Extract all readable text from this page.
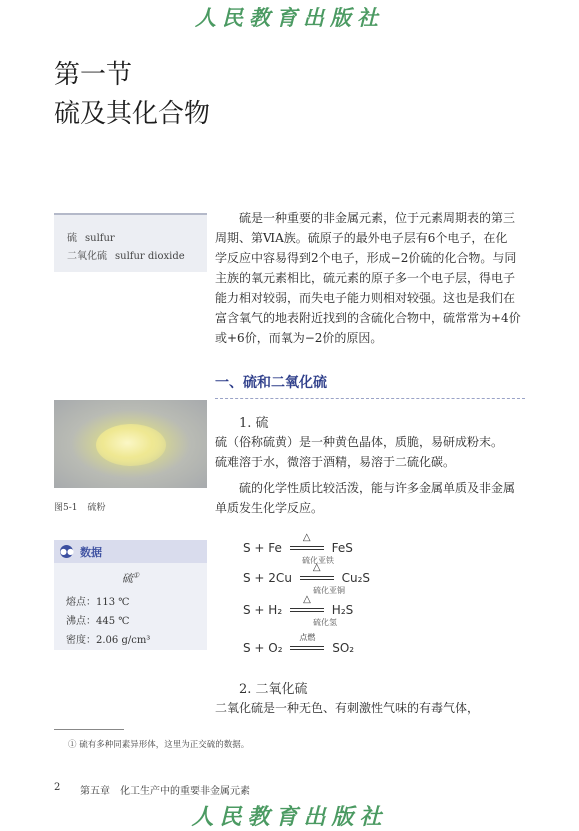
人民教育出版社
第一节
硫及其化合物
硫 sulfur
二氧化硫 sulfur dioxide
硫是一种重要的非金属元素，位于元素周期表的第三
周期、第ⅥA族。硫原子的最外电子层有6个电子，在化
学反应中容易得到2个电子，形成−2价硫的化合物。与同
主族的氧元素相比，硫元素的原子多一个电子层，得电子
能力相对较弱，而失电子能力则相对较强。这也是我们在
富含氧气的地表附近找到的含硫化合物中，硫常常为+4价
或+6价，而氧为−2价的原因。
一、硫和二氧化硫
图5-1 硫粉
1. 硫
硫（俗称硫黄）是一种黄色晶体，质脆，易研成粉末。
硫难溶于水，微溶于酒精，易溶于二硫化碳。
硫的化学性质比较活泼，能与许多金属单质及非金属
单质发生化学反应。
S + Fe
△
FeS
硫化亚铁
S + 2Cu
△
Cu₂S
硫化亚铜
S + H₂
△
H₂S
硫化氢
S + O₂
点燃
SO₂
●● 数据
硫①
熔点：113 ℃
沸点：445 ℃
密度：2.06 g/cm³
2. 二氧化硫
二氧化硫是一种无色、有刺激性气味的有毒气体，
① 硫有多种同素异形体，这里为正交硫的数据。
2 第五章　化工生产中的重要非金属元素
人民教育出版社
